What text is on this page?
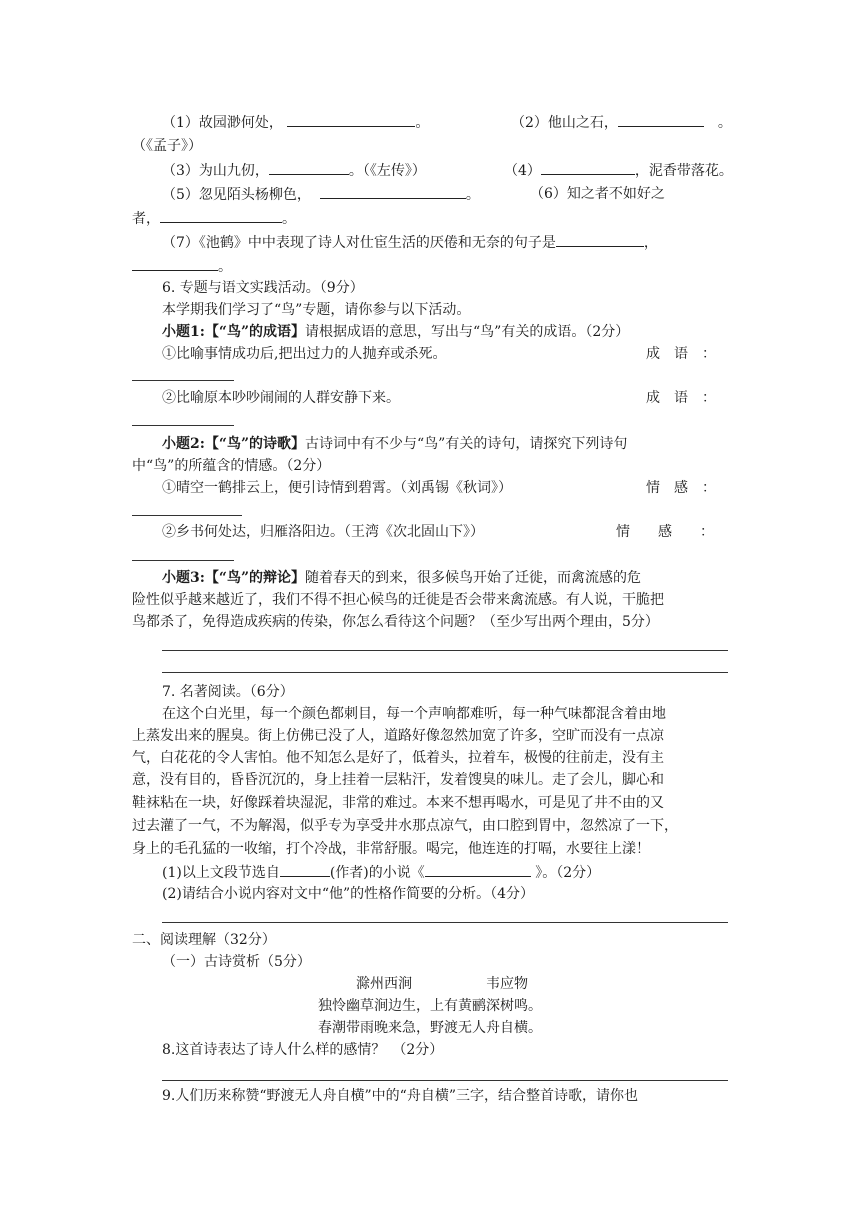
（1）故园渺何处，	。	（2）他山之石，　	。
（《孟子》）
（3）为山九仞，	。（《左传》）	（4）	，泥香带落花。
（5）忽见陌头杨柳色，	。	（6）知之者不如好之
者，	。
（7）《池鹤》中中表现了诗人对仕宦生活的厌倦和无奈的句子是	，
。
6. 专题与语文实践活动。（9分）
本学期我们学习了“鸟”专题，请你参与以下活动。
小题1:【“鸟”的成语】请根据成语的意思，写出与“鸟”有关的成语。（2分）
①比喻事情成功后,把出过力的人抛弃或杀死。	成　语　：
②比喻原本吵吵闹闹的人群安静下来。	成　语　：
小题2:【“鸟”的诗歌】古诗词中有不少与“鸟”有关的诗句，请探究下列诗句
中“鸟”的所蕴含的情感。（2分）
①晴空一鹤排云上，便引诗情到碧霄。（刘禹锡《秋词》）	情　感　：
②乡书何处达，归雁洛阳边。（王湾《次北固山下》）	情　　感　　：
小题3:【“鸟”的辩论】随着春天的到来，很多候鸟开始了迁徙，而禽流感的危
险性似乎越来越近了，我们不得不担心候鸟的迁徙是否会带来禽流感。有人说，干脆把
鸟都杀了，免得造成疾病的传染，你怎么看待这个问题？（至少写出两个理由，5分）
7. 名著阅读。（6分）
在这个白光里，每一个颜色都刺目，每一个声响都难听，每一种气味都混含着由地
上蒸发出来的腥臭。街上仿佛已没了人，道路好像忽然加宽了许多，空旷而没有一点凉
气，白花花的令人害怕。他不知怎么是好了，低着头，拉着车，极慢的往前走，没有主
意，没有目的，昏昏沉沉的，身上挂着一层粘汗，发着馊臭的味儿。走了会儿，脚心和
鞋袜粘在一块，好像踩着块湿泥，非常的难过。本来不想再喝水，可是见了井不由的又
过去灌了一气，不为解渴，似乎专为享受井水那点凉气，由口腔到胃中，忽然凉了一下，
身上的毛孔猛的一收缩，打个冷战，非常舒服。喝完，他连连的打嗝，水要往上漾！
(1)以上文段节选自	(作者)的小说《	》。（2分）
(2)请结合小说内容对文中“他”的性格作简要的分析。（4分）
二、阅读理解（32分）
（一）古诗赏析（5分）
滁州西涧	韦应物
独怜幽草涧边生，上有黄鹂深树鸣。
春潮带雨晚来急，野渡无人舟自横。
8.这首诗表达了诗人什么样的感情？　（2分）
9.人们历来称赞“野渡无人舟自横”中的“舟自横”三字，结合整首诗歌，请你也
